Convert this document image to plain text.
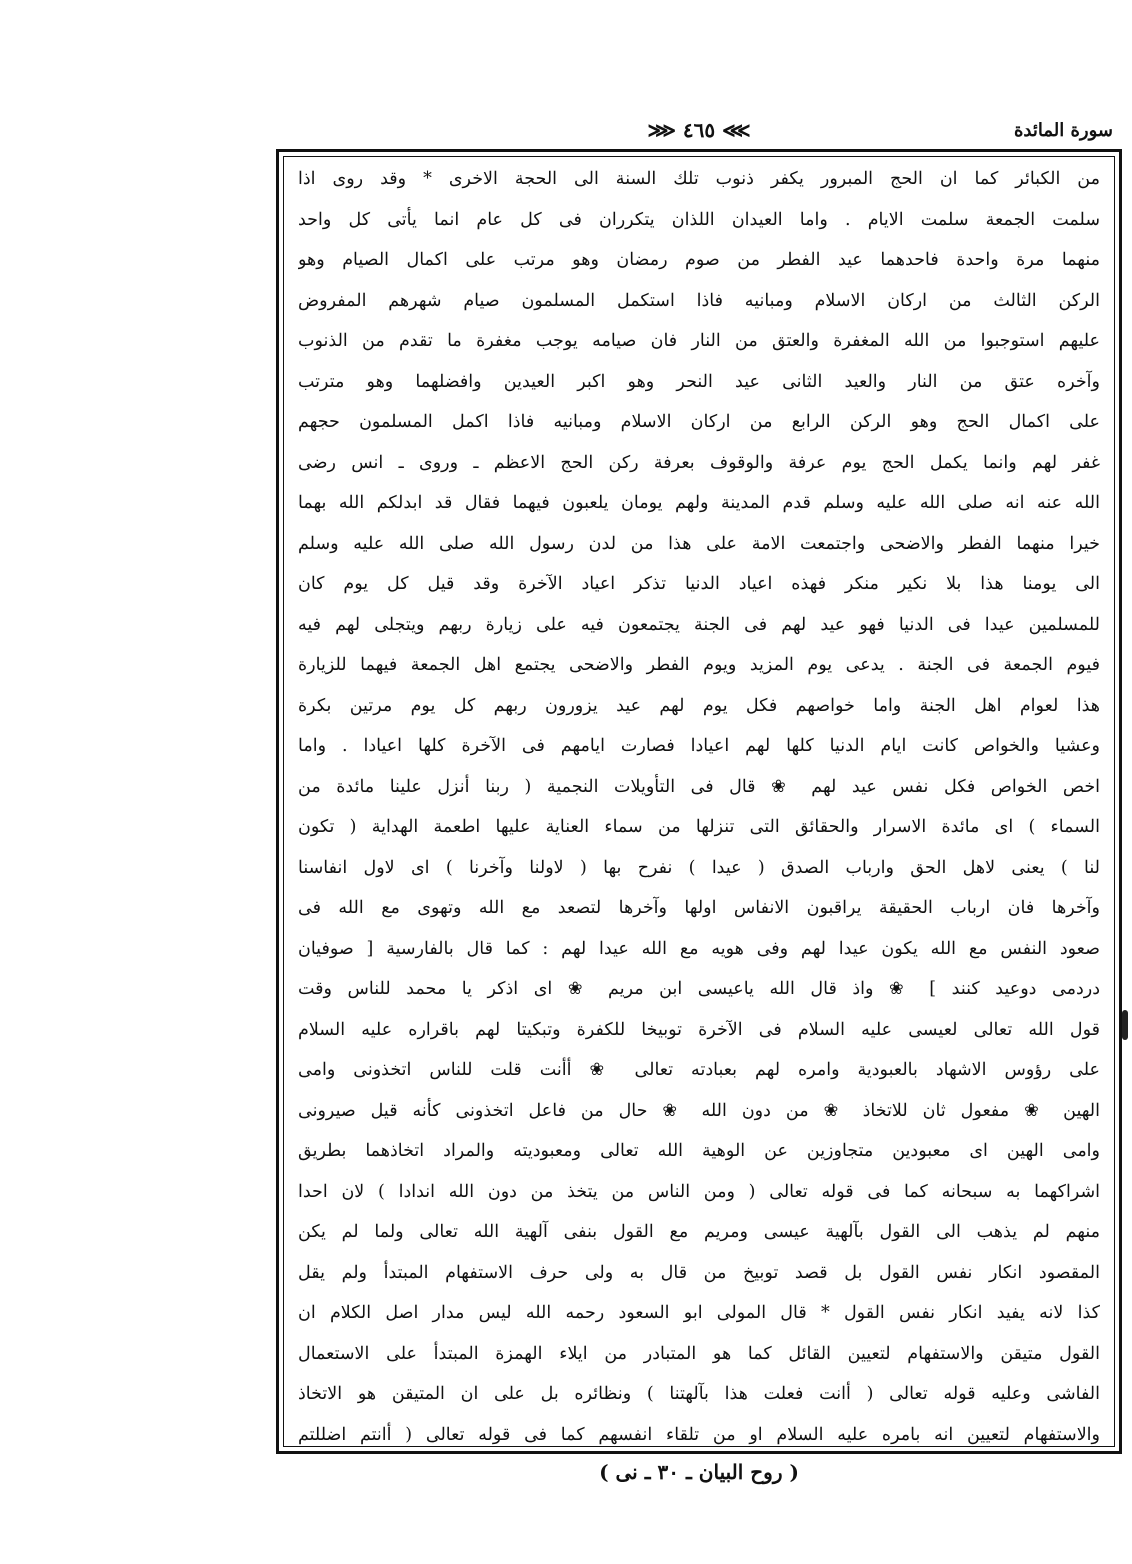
⋙ ٤٦٥ ⋘	سورة المائدة
من الكبائر كما ان الحج المبرور يكفر ذنوب تلك السنة الى الحجة الاخرى * وقد روى اذا
سلمت الجمعة سلمت الايام . واما العيدان اللذان يتكرران فى كل عام انما يأتى كل واحد
منهما مرة واحدة فاحدهما عيد الفطر من صوم رمضان وهو مرتب على اكمال الصيام وهو
الركن الثالث من اركان الاسلام ومبانيه فاذا استكمل المسلمون صيام شهرهم المفروض
عليهم استوجبوا من الله المغفرة والعتق من النار فان صيامه يوجب مغفرة ما تقدم من الذنوب
وآخره عتق من النار والعيد الثانى عيد النحر وهو اكبر العيدين وافضلهما وهو مترتب
على اكمال الحج وهو الركن الرابع من اركان الاسلام ومبانيه فاذا اكمل المسلمون حجهم
غفر لهم وانما يكمل الحج يوم عرفة والوقوف بعرفة ركن الحج الاعظم ـ وروى ـ انس رضى
الله عنه انه صلى الله عليه وسلم قدم المدينة ولهم يومان يلعبون فيهما فقال قد ابدلكم الله بهما
خيرا منهما الفطر والاضحى واجتمعت الامة على هذا من لدن رسول الله صلى الله عليه وسلم
الى يومنا هذا بلا نكير منكر فهذه اعياد الدنيا تذكر اعياد الآخرة وقد قيل كل يوم كان
للمسلمين عيدا فى الدنيا فهو عيد لهم فى الجنة يجتمعون فيه على زيارة ربهم ويتجلى لهم فيه
فيوم الجمعة فى الجنة . يدعى يوم المزيد ويوم الفطر والاضحى يجتمع اهل الجمعة فيهما للزيارة
هذا لعوام اهل الجنة واما خواصهم فكل يوم لهم عيد يزورون ربهم كل يوم مرتين بكرة
وعشيا والخواص كانت ايام الدنيا كلها لهم اعيادا فصارت ايامهم فى الآخرة كلها اعيادا . واما
اخص الخواص فكل نفس عيد لهم ❀ قال فى التأويلات النجمية ( ربنا أنزل علينا مائدة من
السماء ) اى مائدة الاسرار والحقائق التى تنزلها من سماء العناية عليها اطعمة الهداية ( تكون
لنا ) يعنى لاهل الحق وارباب الصدق ( عيدا ) نفرح بها ( لاولنا وآخرنا ) اى لاول انفاسنا
وآخرها فان ارباب الحقيقة يراقبون الانفاس اولها وآخرها لتصعد مع الله وتهوى مع الله فى
صعود النفس مع الله يكون عيدا لهم وفى هويه مع الله عيدا لهم : كما قال بالفارسية [ صوفيان
دردمى دوعيد كنند ] ❀ واذ قال الله ياعيسى ابن مريم ❀ اى اذكر يا محمد للناس وقت
قول الله تعالى لعيسى عليه السلام فى الآخرة توبيخا للكفرة وتبكيتا لهم باقراره عليه السلام
على رؤوس الاشهاد بالعبودية وامره لهم بعبادته تعالى ❀ أأنت قلت للناس اتخذونى وامى
الهين ❀ مفعول ثان للاتخاذ ❀ من دون الله ❀ حال من فاعل اتخذونى كأنه قيل صيرونى
وامى الهين اى معبودين متجاوزين عن الوهية الله تعالى ومعبوديته والمراد اتخاذهما بطريق
اشراكهما به سبحانه كما فى قوله تعالى ( ومن الناس من يتخذ من دون الله اندادا ) لان احدا
منهم لم يذهب الى القول بآلهية عيسى ومريم مع القول بنفى آلهية الله تعالى ولما لم يكن
المقصود انكار نفس القول بل قصد توبيخ من قال به ولى حرف الاستفهام المبتدأ ولم يقل
كذا لانه يفيد انكار نفس القول * قال المولى ابو السعود رحمه الله ليس مدار اصل الكلام ان
القول متيقن والاستفهام لتعيين القائل كما هو المتبادر من ايلاء الهمزة المبتدأ على الاستعمال
الفاشى وعليه قوله تعالى ( أانت فعلت هذا بآلهتنا ) ونظائره بل على ان المتيقن هو الاتخاذ
والاستفهام لتعيين انه بامره عليه السلام او من تلقاء انفسهم كما فى قوله تعالى ( أانتم اضللتم
( روح البيان ـ ٣٠ ـ نى )
